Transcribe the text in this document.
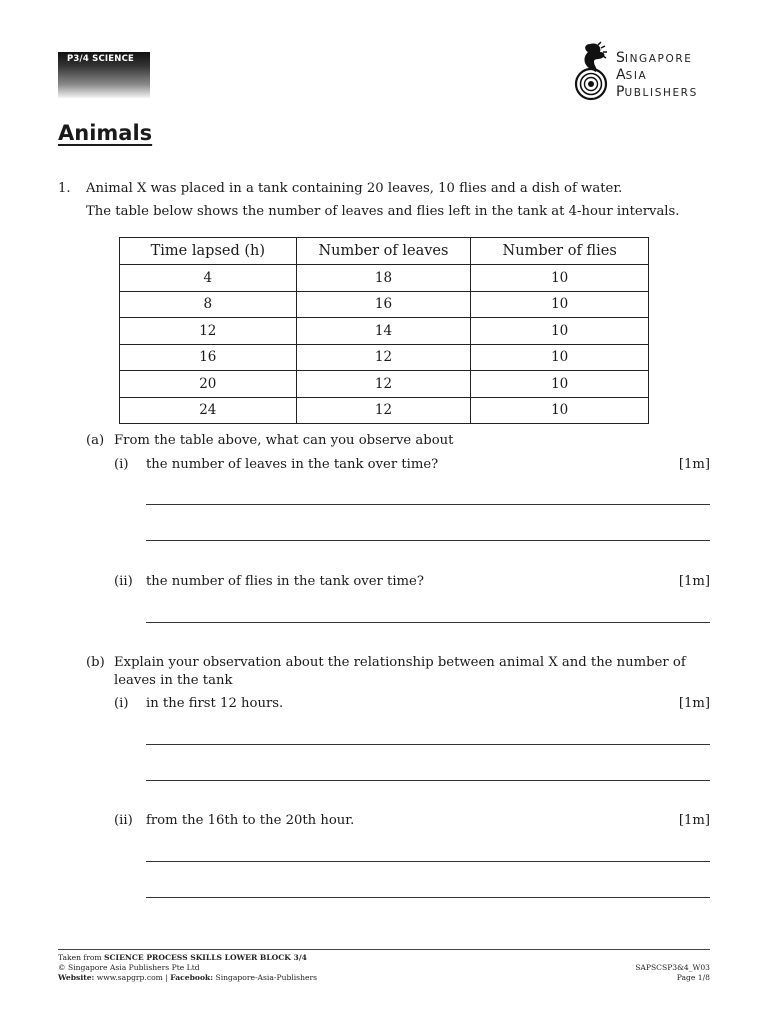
P3/4 SCIENCE	SINGAPORE
ASIA
PUBLISHERS
Animals
1. Animal X was placed in a tank containing 20 leaves, 10 flies and a dish of water.
The table below shows the number of leaves and flies left in the tank at 4-hour intervals.
Time lapsed (h)	Number of leaves	Number of flies
4	18	10
8	16	10
12	14	10
16	12	10
20	12	10
24	12	10
(a) From the table above, what can you observe about
(i) the number of leaves in the tank over time?	[1m]
(ii) the number of flies in the tank over time?	[1m]
(b) Explain your observation about the relationship between animal X and the number of
leaves in the tank
(i) in the first 12 hours.	[1m]
(ii) from the 16th to the 20th hour.	[1m]
Taken from SCIENCE PROCESS SKILLS LOWER BLOCK 3/4
© Singapore Asia Publishers Pte Ltd
Website: www.sapgrp.com | Facebook: Singapore-Asia-Publishers
SAPSCSP3&4_W03
Page 1/8
